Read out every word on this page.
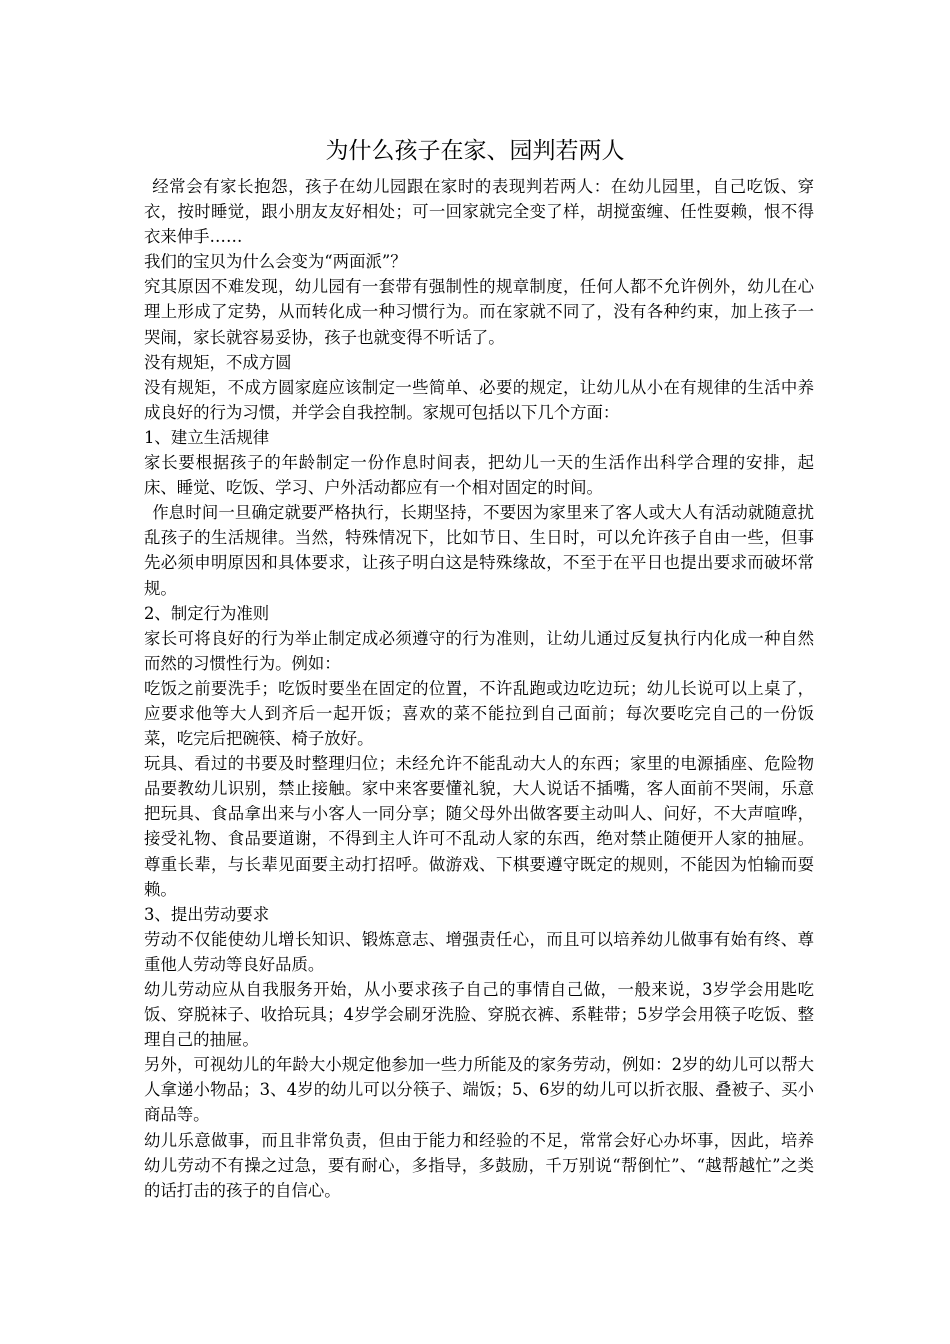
为什么孩子在家、园判若两人

经常会有家长抱怨，孩子在幼儿园跟在家时的表现判若两人：在幼儿园里，自己吃饭、穿衣，按时睡觉，跟小朋友友好相处；可一回家就完全变了样，胡搅蛮缠、任性耍赖，恨不得衣来伸手……

我们的宝贝为什么会变为“两面派”？

究其原因不难发现，幼儿园有一套带有强制性的规章制度，任何人都不允许例外，幼儿在心理上形成了定势，从而转化成一种习惯行为。而在家就不同了，没有各种约束，加上孩子一哭闹，家长就容易妥协，孩子也就变得不听话了。

没有规矩，不成方圆

没有规矩，不成方圆家庭应该制定一些简单、必要的规定，让幼儿从小在有规律的生活中养成良好的行为习惯，并学会自我控制。家规可包括以下几个方面：

1、建立生活规律

家长要根据孩子的年龄制定一份作息时间表，把幼儿一天的生活作出科学合理的安排，起床、睡觉、吃饭、学习、户外活动都应有一个相对固定的时间。

作息时间一旦确定就要严格执行，长期坚持，不要因为家里来了客人或大人有活动就随意扰乱孩子的生活规律。当然，特殊情况下，比如节日、生日时，可以允许孩子自由一些，但事先必须申明原因和具体要求，让孩子明白这是特殊缘故，不至于在平日也提出要求而破坏常规。

2、制定行为准则

家长可将良好的行为举止制定成必须遵守的行为准则，让幼儿通过反复执行内化成一种自然而然的习惯性行为。例如：

吃饭之前要洗手；吃饭时要坐在固定的位置，不许乱跑或边吃边玩；幼儿长说可以上桌了，应要求他等大人到齐后一起开饭；喜欢的菜不能拉到自己面前；每次要吃完自己的一份饭菜，吃完后把碗筷、椅子放好。

玩具、看过的书要及时整理归位；未经允许不能乱动大人的东西；家里的电源插座、危险物品要教幼儿识别，禁止接触。家中来客要懂礼貌，大人说话不插嘴，客人面前不哭闹，乐意把玩具、食品拿出来与小客人一同分享；随父母外出做客要主动叫人、问好，不大声喧哗，接受礼物、食品要道谢，不得到主人许可不乱动人家的东西，绝对禁止随便开人家的抽屉。尊重长辈，与长辈见面要主动打招呼。做游戏、下棋要遵守既定的规则，不能因为怕输而耍赖。

3、提出劳动要求

劳动不仅能使幼儿增长知识、锻炼意志、增强责任心，而且可以培养幼儿做事有始有终、尊重他人劳动等良好品质。

幼儿劳动应从自我服务开始，从小要求孩子自己的事情自己做，一般来说，3岁学会用匙吃饭、穿脱袜子、收拾玩具；4岁学会刷牙洗脸、穿脱衣裤、系鞋带；5岁学会用筷子吃饭、整理自己的抽屉。

另外，可视幼儿的年龄大小规定他参加一些力所能及的家务劳动，例如：2岁的幼儿可以帮大人拿递小物品；3、4岁的幼儿可以分筷子、端饭；5、6岁的幼儿可以折衣服、叠被子、买小商品等。

幼儿乐意做事，而且非常负责，但由于能力和经验的不足，常常会好心办坏事，因此，培养幼儿劳动不有操之过急，要有耐心，多指导，多鼓励，千万别说“帮倒忙”、“越帮越忙”之类的话打击的孩子的自信心。
